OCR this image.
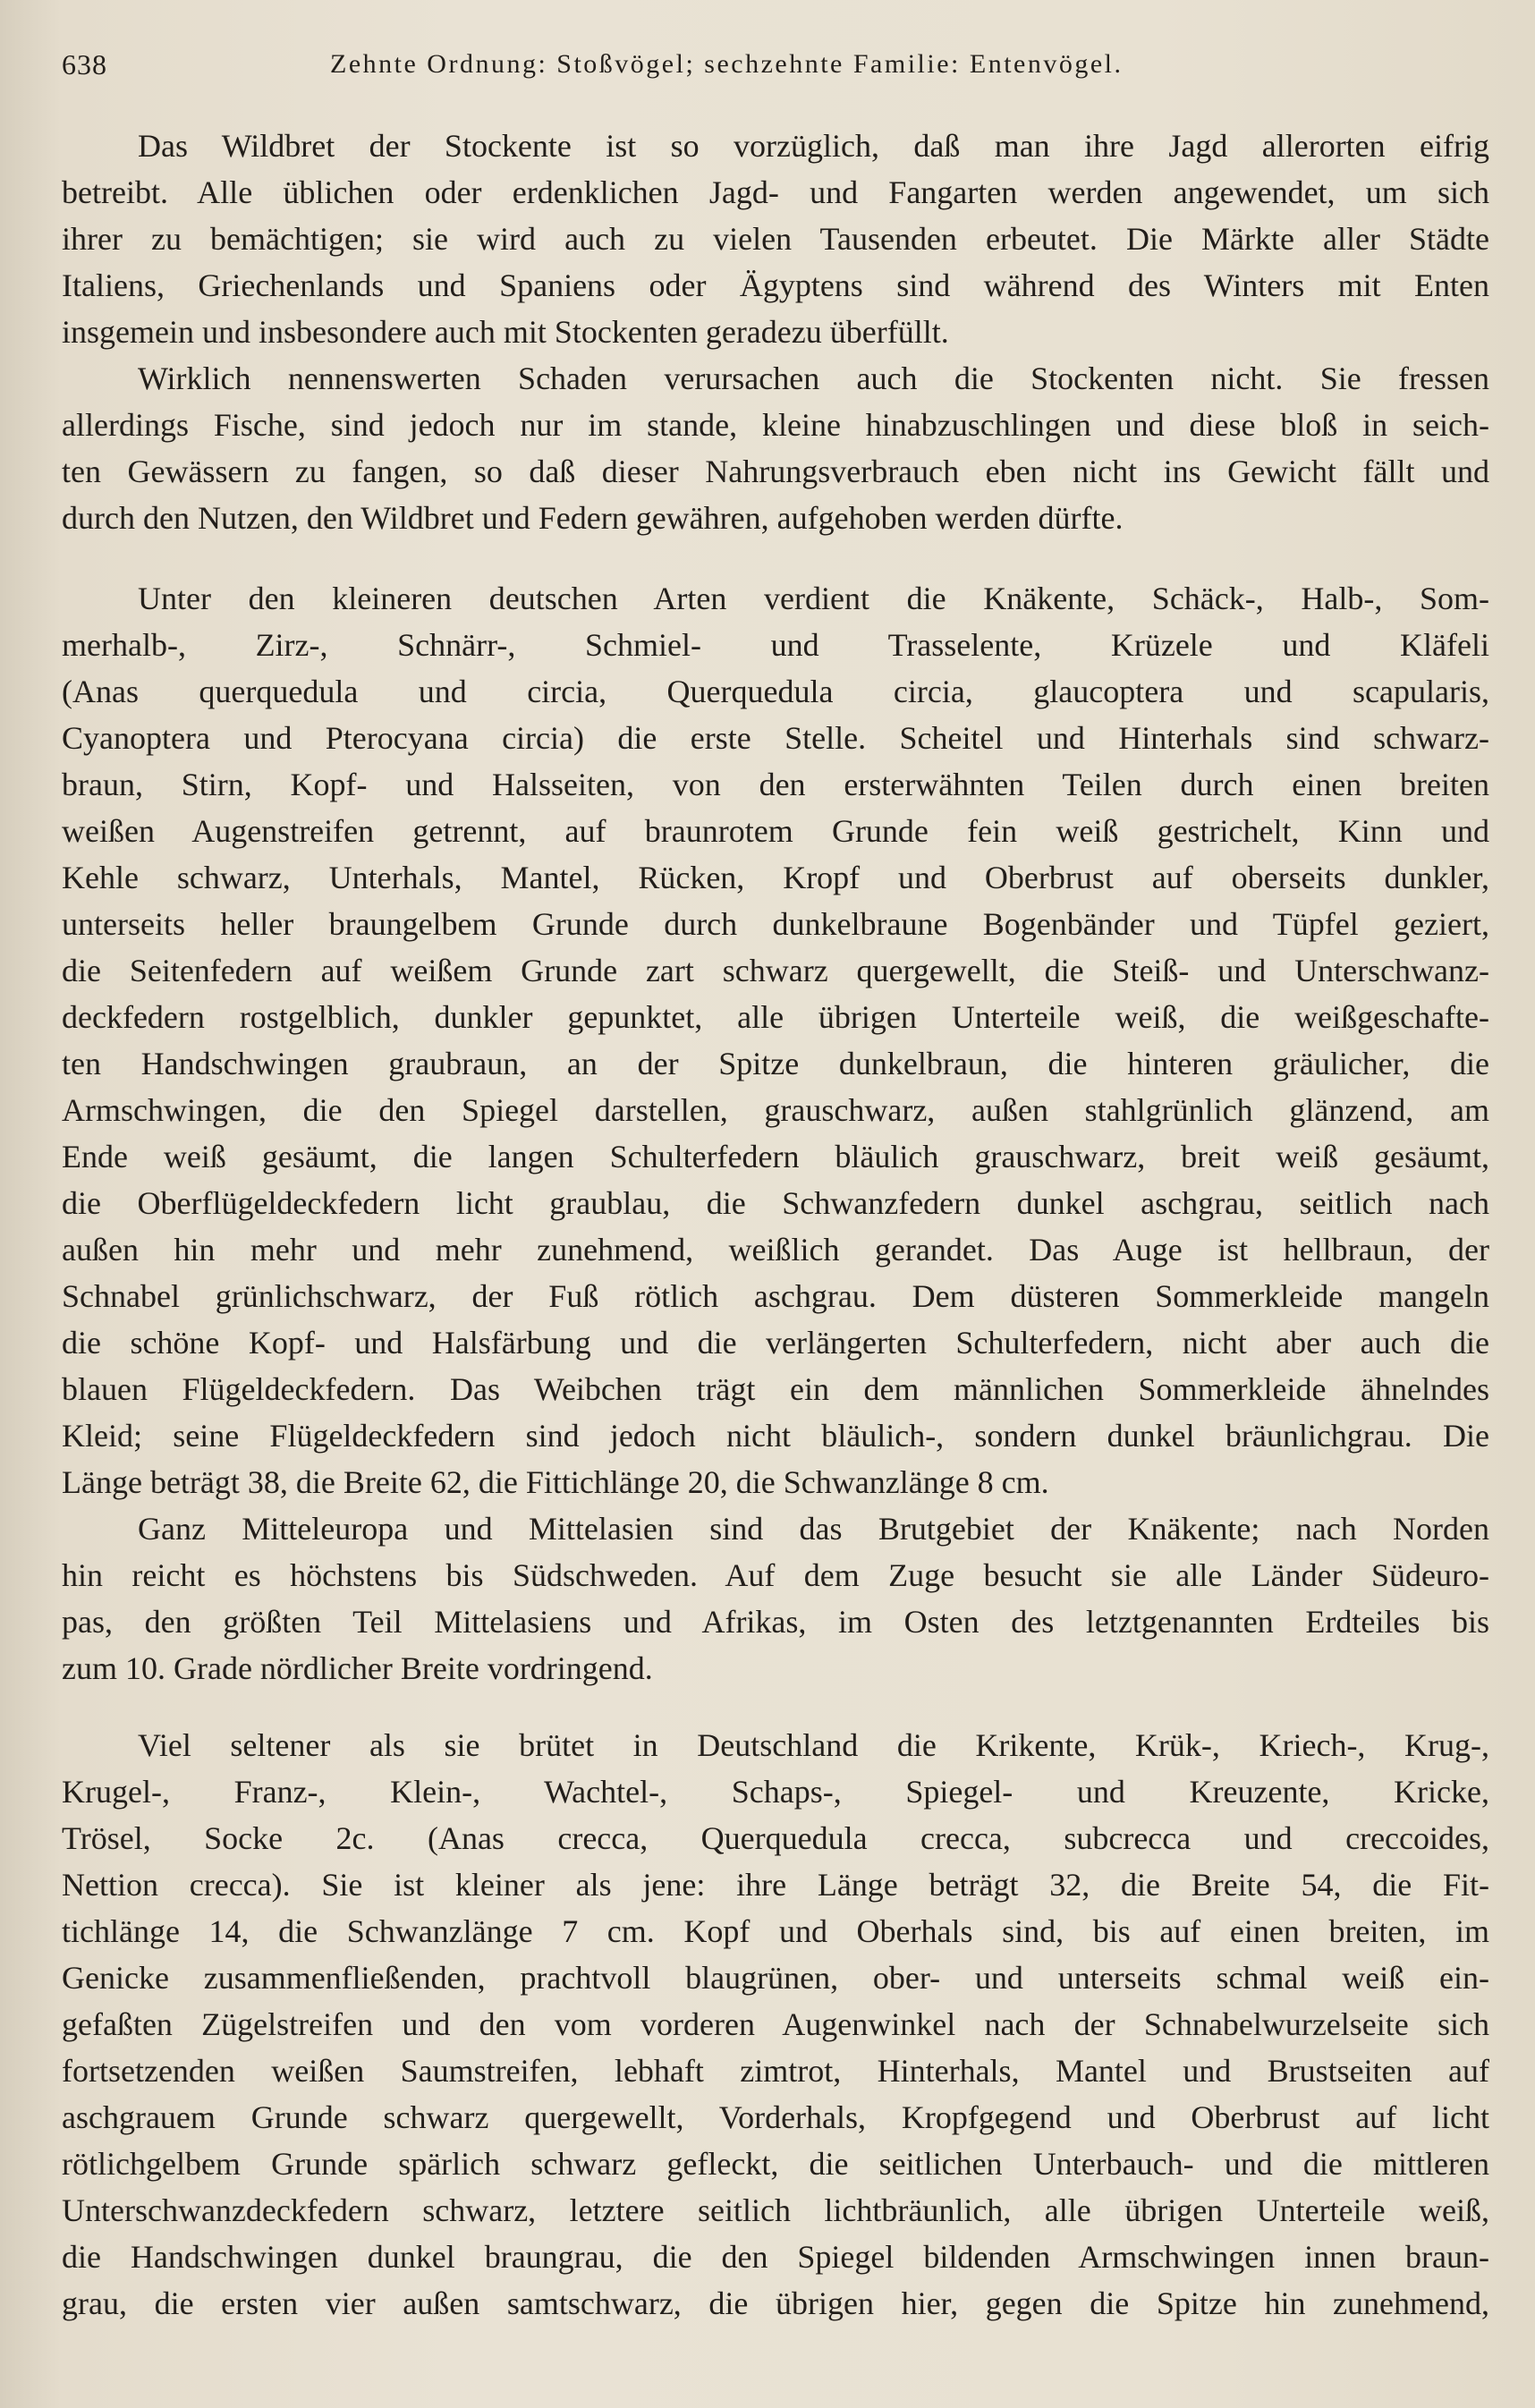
638	Zehnte Ordnung: Stoßvögel; sechzehnte Familie: Entenvögel.
Das Wildbret der Stockente ist so vorzüglich, daß man ihre Jagd allerorten eifrig
betreibt. Alle üblichen oder erdenklichen Jagd- und Fangarten werden angewendet, um sich
ihrer zu bemächtigen; sie wird auch zu vielen Tausenden erbeutet. Die Märkte aller Städte
Italiens, Griechenlands und Spaniens oder Ägyptens sind während des Winters mit Enten
insgemein und insbesondere auch mit Stockenten geradezu überfüllt.
Wirklich nennenswerten Schaden verursachen auch die Stockenten nicht. Sie fressen
allerdings Fische, sind jedoch nur im stande, kleine hinabzuschlingen und diese bloß in seich-
ten Gewässern zu fangen, so daß dieser Nahrungsverbrauch eben nicht ins Gewicht fällt und
durch den Nutzen, den Wildbret und Federn gewähren, aufgehoben werden dürfte.
Unter den kleineren deutschen Arten verdient die Knäkente, Schäck-, Halb-, Som-
merhalb-, Zirz-, Schnärr-, Schmiel- und Trasselente, Krüzele und Kläfeli
(Anas querquedula und circia, Querquedula circia, glaucoptera und scapularis,
Cyanoptera und Pterocyana circia) die erste Stelle. Scheitel und Hinterhals sind schwarz-
braun, Stirn, Kopf- und Halsseiten, von den ersterwähnten Teilen durch einen breiten
weißen Augenstreifen getrennt, auf braunrotem Grunde fein weiß gestrichelt, Kinn und
Kehle schwarz, Unterhals, Mantel, Rücken, Kropf und Oberbrust auf oberseits dunkler,
unterseits heller braungelbem Grunde durch dunkelbraune Bogenbänder und Tüpfel geziert,
die Seitenfedern auf weißem Grunde zart schwarz quergewellt, die Steiß- und Unterschwanz-
deckfedern rostgelblich, dunkler gepunktet, alle übrigen Unterteile weiß, die weißgeschafte-
ten Handschwingen graubraun, an der Spitze dunkelbraun, die hinteren gräulicher, die
Armschwingen, die den Spiegel darstellen, grauschwarz, außen stahlgrünlich glänzend, am
Ende weiß gesäumt, die langen Schulterfedern bläulich grauschwarz, breit weiß gesäumt,
die Oberflügeldeckfedern licht graublau, die Schwanzfedern dunkel aschgrau, seitlich nach
außen hin mehr und mehr zunehmend, weißlich gerandet. Das Auge ist hellbraun, der
Schnabel grünlichschwarz, der Fuß rötlich aschgrau. Dem düsteren Sommerkleide mangeln
die schöne Kopf- und Halsfärbung und die verlängerten Schulterfedern, nicht aber auch die
blauen Flügeldeckfedern. Das Weibchen trägt ein dem männlichen Sommerkleide ähnelndes
Kleid; seine Flügeldeckfedern sind jedoch nicht bläulich-, sondern dunkel bräunlichgrau. Die
Länge beträgt 38, die Breite 62, die Fittichlänge 20, die Schwanzlänge 8 cm.
Ganz Mitteleuropa und Mittelasien sind das Brutgebiet der Knäkente; nach Norden
hin reicht es höchstens bis Südschweden. Auf dem Zuge besucht sie alle Länder Südeuro-
pas, den größten Teil Mittelasiens und Afrikas, im Osten des letztgenannten Erdteiles bis
zum 10. Grade nördlicher Breite vordringend.
Viel seltener als sie brütet in Deutschland die Krikente, Krük-, Kriech-, Krug-,
Krugel-, Franz-, Klein-, Wachtel-, Schaps-, Spiegel- und Kreuzente, Kricke,
Trösel, Socke 2c. (Anas crecca, Querquedula crecca, subcrecca und creccoides,
Nettion crecca). Sie ist kleiner als jene: ihre Länge beträgt 32, die Breite 54, die Fit-
tichlänge 14, die Schwanzlänge 7 cm. Kopf und Oberhals sind, bis auf einen breiten, im
Genicke zusammenfließenden, prachtvoll blaugrünen, ober- und unterseits schmal weiß ein-
gefaßten Zügelstreifen und den vom vorderen Augenwinkel nach der Schnabelwurzelseite sich
fortsetzenden weißen Saumstreifen, lebhaft zimtrot, Hinterhals, Mantel und Brustseiten auf
aschgrauem Grunde schwarz quergewellt, Vorderhals, Kropfgegend und Oberbrust auf licht
rötlichgelbem Grunde spärlich schwarz gefleckt, die seitlichen Unterbauch- und die mittleren
Unterschwanzdeckfedern schwarz, letztere seitlich lichtbräunlich, alle übrigen Unterteile weiß,
die Handschwingen dunkel braungrau, die den Spiegel bildenden Armschwingen innen braun-
grau, die ersten vier außen samtschwarz, die übrigen hier, gegen die Spitze hin zunehmend,
